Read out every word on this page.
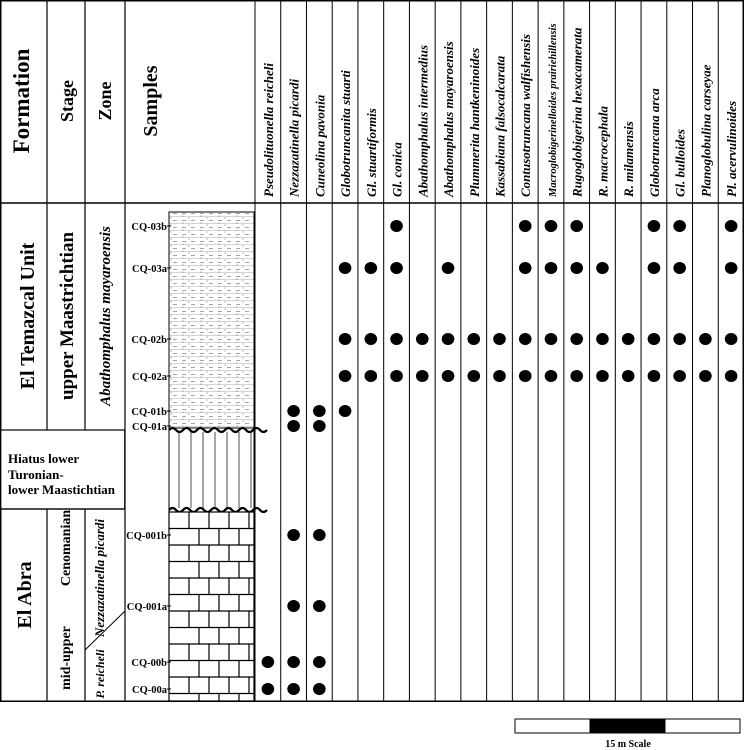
Formation Stage Zone Samples	Pseudolituonella reicheli Nezzazatinella picardi Cuneolina pavonia Globotruncanita stuarti Gl. stuartiformis Gl. conica Abathomphalus intermedius Abathomphalus mayaroensis Plummerita hantkeninoides Kassabiana falsocalcarata Contusotruncana walfishensis Macroglobigerinelloides prairiehillensis Rugoglobigerina hexacamerata R. macrocephala R. milamensis Globotruncana arca Gl. bulloides Planoglobulina carseyae Pl. acervulinoides
El Temazcal Unit upper Maastrichtian Abathomphalus mayaroensis
Hiatus lower
Turonian-
lower Maastichtian
El Abra
Cenomanian
mid-upper
Nezzazatinella picardi
P. reicheli
CQ-03b
CQ-03a
CQ-02b
CQ-02a
CQ-01b
CQ-01a
CQ-001b
CQ-001a
CQ-00b
CQ-00a
15 m Scale
